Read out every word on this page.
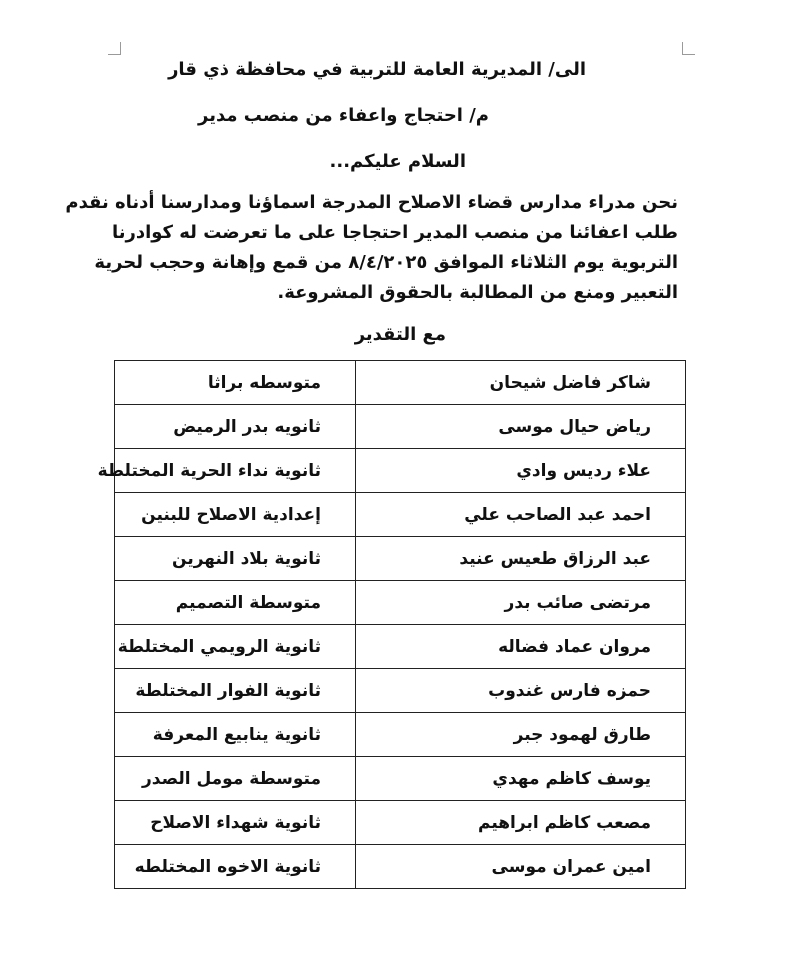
الى/ المديرية العامة للتربية في محافظة ذي قار
م/ احتجاج واعفاء من منصب مدير
السلام عليكم...
نحن مدراء مدارس قضاء الاصلاح المدرجة اسماؤنا ومدارسنا أدناه نقدم
طلب اعفائنا من منصب المدير احتجاجا على ما تعرضت له كوادرنا
التربوية يوم الثلاثاء الموافق ٨/٤/٢٠٢٥ من قمع وإهانة وحجب لحرية
التعبير ومنع من المطالبة بالحقوق المشروعة.
مع التقدير
شاكر فاضل شيحان	متوسطه براثا
رياض حيال موسى	ثانويه بدر الرميض
علاء رديس وادي	ثانوية نداء الحرية المختلطة
احمد عبد الصاحب علي	إعدادية الاصلاح للبنين
عبد الرزاق طعيس عنيد	ثانوية بلاد النهرين
مرتضى صائب بدر	متوسطة التصميم
مروان عماد فضاله	ثانوية الرويمي المختلطة
حمزه فارس غندوب	ثانوية الفوار المختلطة
طارق لهمود جبر	ثانوية ينابيع المعرفة
يوسف كاظم مهدي	متوسطة مومل الصدر
مصعب كاظم ابراهيم	ثانوية شهداء الاصلاح
امين عمران موسى	ثانوية الاخوه المختلطه
